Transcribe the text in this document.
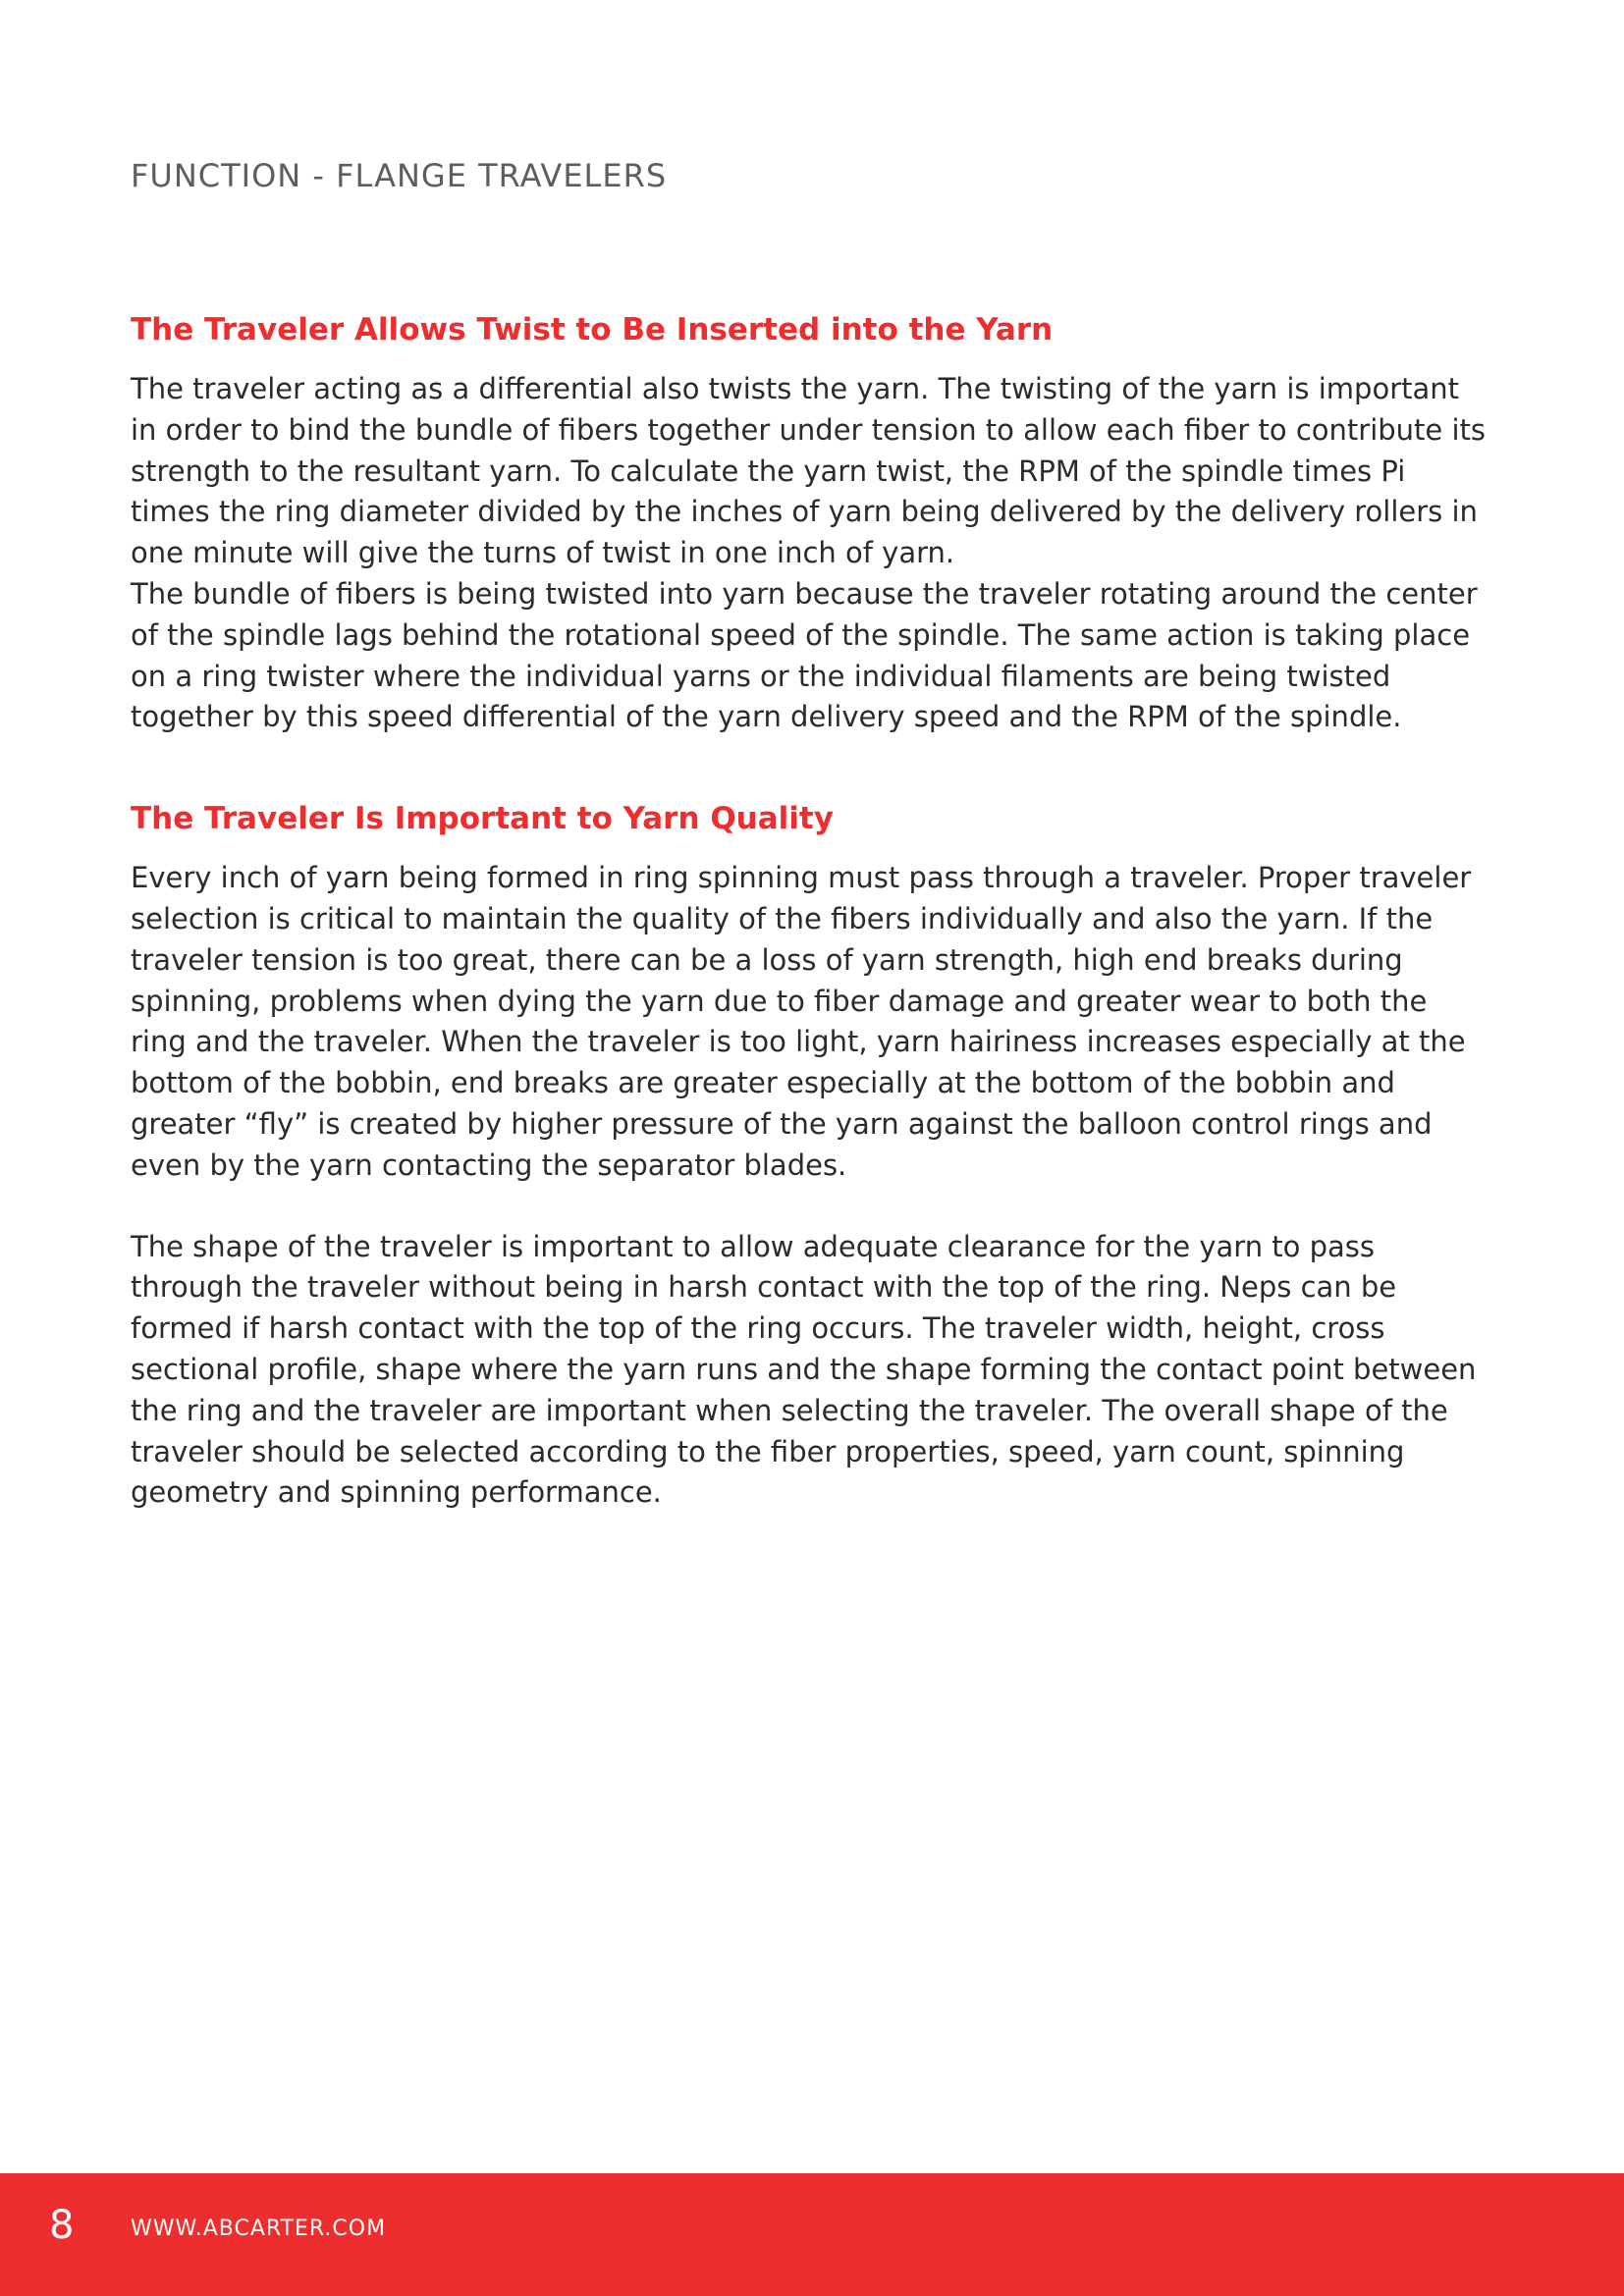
FUNCTION - FLANGE TRAVELERS
The Traveler Allows Twist to Be Inserted into the Yarn

The traveler acting as a differential also twists the yarn. The twisting of the yarn is important in order to bind the bundle of fibers together under tension to allow each fiber to contribute its strength to the resultant yarn. To calculate the yarn twist, the RPM of the spindle times Pi times the ring diameter divided by the inches of yarn being delivered by the delivery rollers in one minute will give the turns of twist in one inch of yarn.

The bundle of fibers is being twisted into yarn because the traveler rotating around the center of the spindle lags behind the rotational speed of the spindle. The same action is taking place on a ring twister where the individual yarns or the individual filaments are being twisted together by this speed differential of the yarn delivery speed and the RPM of the spindle.

The Traveler Is Important to Yarn Quality

Every inch of yarn being formed in ring spinning must pass through a traveler. Proper traveler selection is critical to maintain the quality of the fibers individually and also the yarn. If the traveler tension is too great, there can be a loss of yarn strength, high end breaks during spinning, problems when dying the yarn due to fiber damage and greater wear to both the ring and the traveler. When the traveler is too light, yarn hairiness increases especially at the bottom of the bobbin, end breaks are greater especially at the bottom of the bobbin and greater “fly” is created by higher pressure of the yarn against the balloon control rings and even by the yarn contacting the separator blades.

The shape of the traveler is important to allow adequate clearance for the yarn to pass through the traveler without being in harsh contact with the top of the ring. Neps can be formed if harsh contact with the top of the ring occurs. The traveler width, height, cross sectional profile, shape where the yarn runs and the shape forming the contact point between the ring and the traveler are important when selecting the traveler. The overall shape of the traveler should be selected according to the fiber properties, speed, yarn count, spinning geometry and spinning performance.

8	WWW.ABCARTER.COM
